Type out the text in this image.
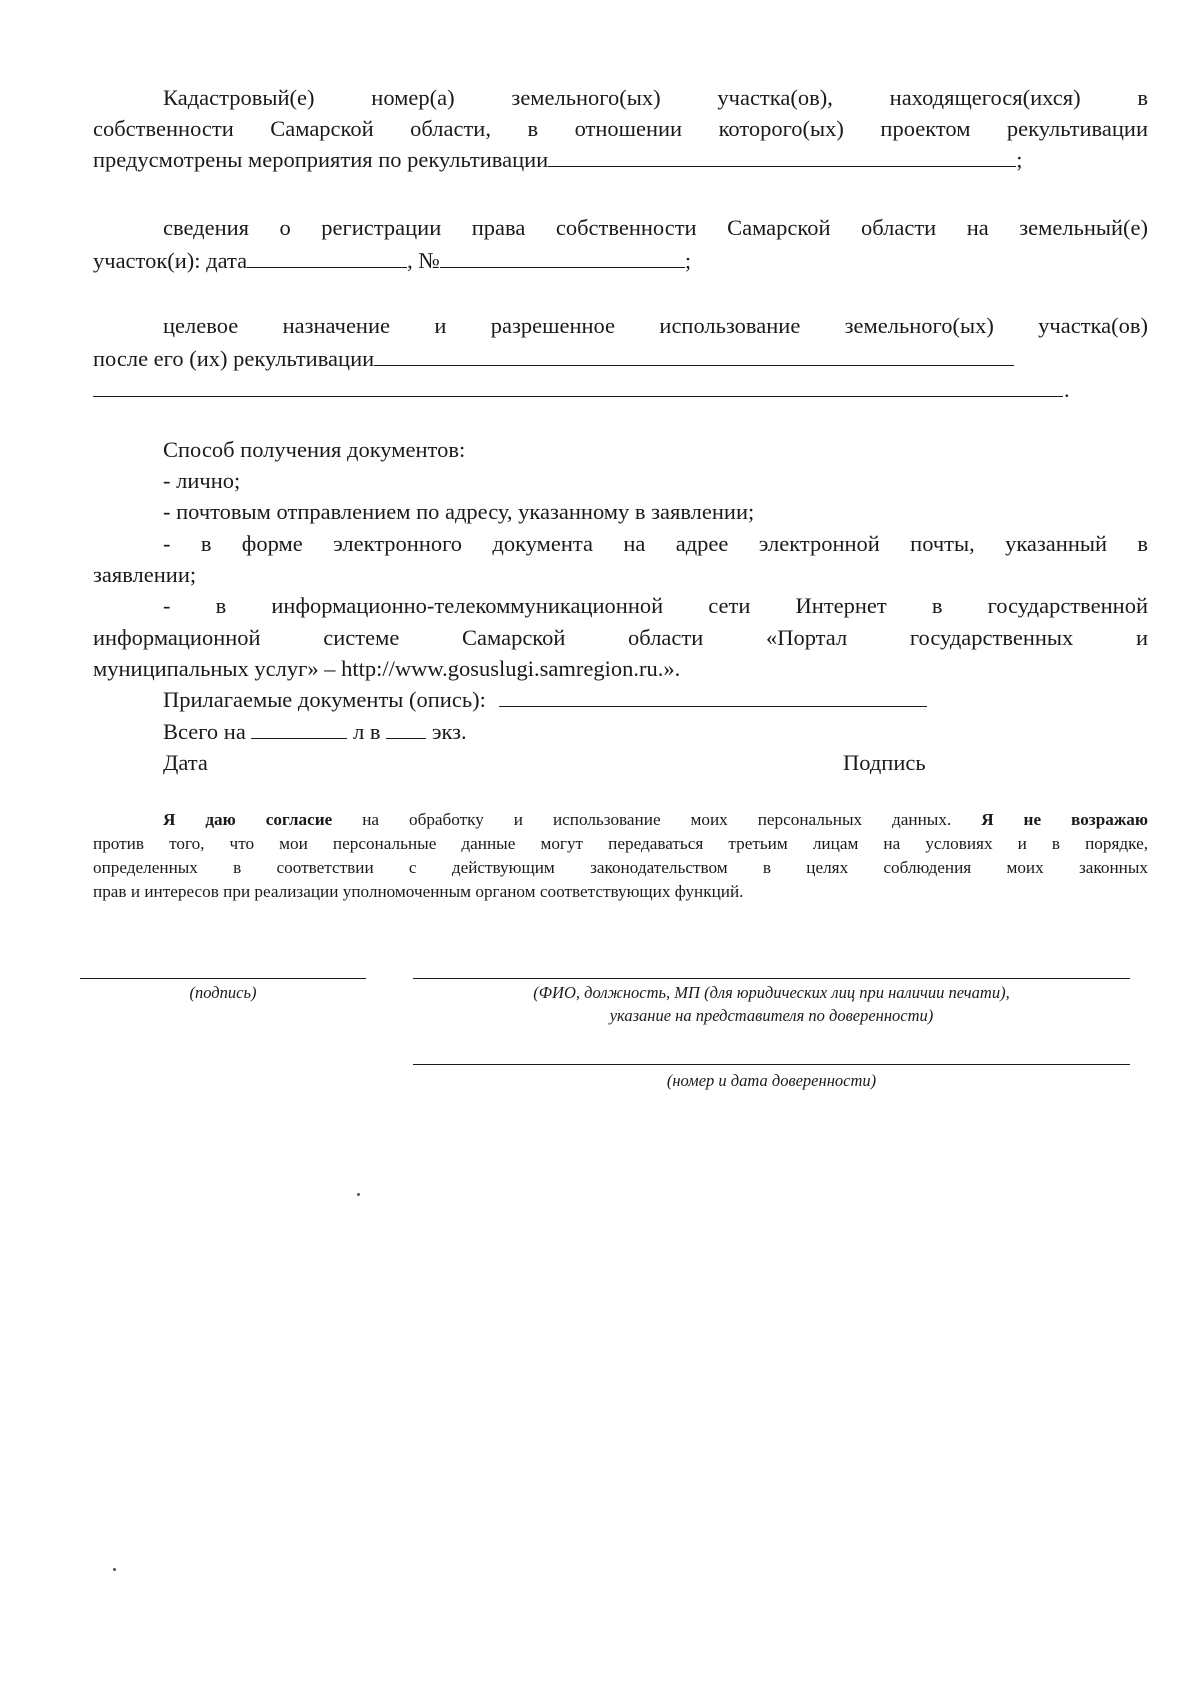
Кадастровый(е) номер(а) земельного(ых) участка(ов), находящегося(ихся) в

собственности Самарской области, в отношении которого(ых) проектом рекультивации

предусмотрены мероприятия по рекультивации	;

сведения о регистрации права собственности Самарской области на земельный(е)

участок(и): дата	, №	;

целевое назначение и разрешенное использование земельного(ых) участка(ов)

после его (их) рекультивации

.

Способ получения документов:

- лично;

- почтовым отправлением по адресу, указанному в заявлении;

- в форме электронного документа на адрее электронной почты, указанный в

заявлении;

- в информационно-телекоммуникационной сети Интернет в государственной

информационной системе Самарской области «Портал государственных и

муниципальных услуг» – http://www.gosuslugi.samregion.ru.».

Прилагаемые документы (опись):

Всего на	л в экз.

Дата	Подпись

Я даю согласие на обработку и использование моих персональных данных. Я не возражаю
против того, что мои персональные данные могут передаваться третьим лицам на условиях и в порядке,
определенных в соответствии с действующим законодательством в целях соблюдения моих законных
прав и интересов при реализации уполномоченным органом соответствующих функций.
(подпись)	(ФИО, должность, МП (для юридических лиц при наличии печати),
указание на представителя по доверенности)
(номер и дата доверенности)
